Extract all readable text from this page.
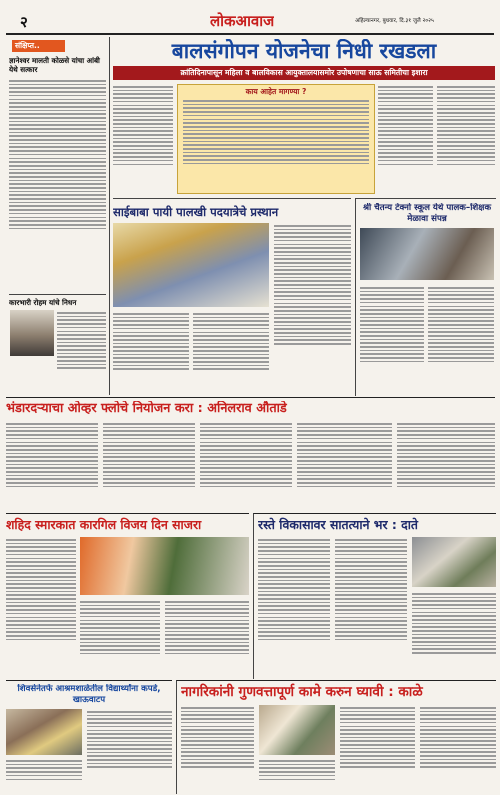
२	लोकआवाज	अहिल्यानगर, बुधवार, दि.३१ जुलै २०२५
संक्षिप्त..
ज्ञानेश्वर मालती कोळसे यांचा आंबी येथे सत्कार
कारभारी रोहम यांचे निधन
बालसंगोपन योजनेचा निधी रखडला
क्रांतिदिनापासून महिला व बालविकास आयुक्तालयासमोर उपोषणाचा साऊ समितीचा इशारा
काय आहेत मागण्या ?
साईबाबा पायी पालखी पदयात्रेचे प्रस्थान	श्री चैतन्य टेक्नो स्कूल येथे पालक–शिक्षक मेळावा संपन्न
भंडारदऱ्याचा ओव्हर फ्लोचे नियोजन करा : अनिलराव औताडे
शहिद स्मारकात कारगिल विजय दिन साजरा	रस्ते विकासावर सातत्याने भर : दाते
शिवसेनेतर्फे आश्रमशाळेतील विद्यार्थ्यांना कपडे, खाऊवाटप	नागरिकांनी गुणवत्तापूर्ण कामे करुन घ्यावी : काळे
